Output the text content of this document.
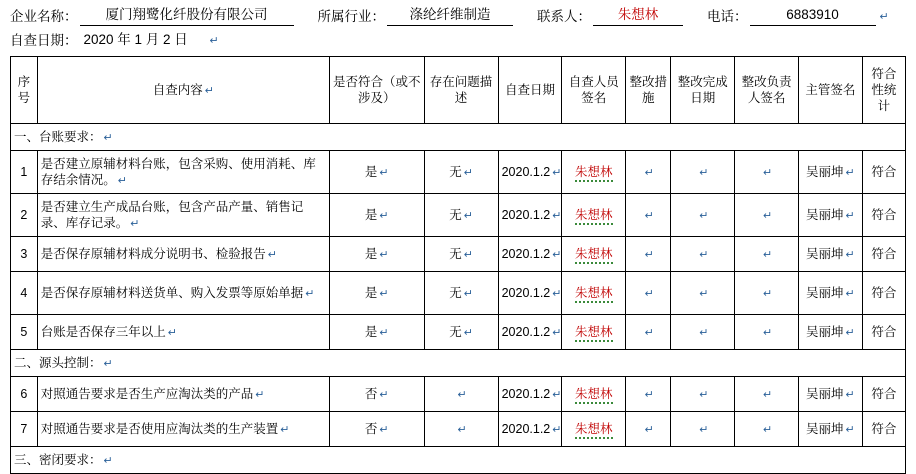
企业名称：	厦门翔鹭化纤股份有限公司	所属行业：	涤纶纤维制造	联系人：	朱想林	电话：	6883910	↵
自查日期： 2020 年 1 月 2 日	↵
序号	自查内容 ↵	是否符合（或不涉及）	存在问题描述	自查日期	自查人员签名	整改措施	整改完成日期	整改负责人签名	主管签名	符合性统计
一、台账要求： ↵										
1	是否建立原辅材料台账，包含采购、使用消耗、库存结余情况。 ↵	是 ↵	无 ↵	2020.1.2 ↵	朱想林	↵	↵	↵	吴丽坤 ↵	符合
2	是否建立生产成品台账，包含产品产量、销售记录、库存记录。 ↵	是 ↵	无 ↵	2020.1.2 ↵	朱想林	↵	↵	↵	吴丽坤 ↵	符合
3	是否保存原辅材料成分说明书、检验报告 ↵	是 ↵	无 ↵	2020.1.2 ↵	朱想林	↵	↵	↵	吴丽坤 ↵	符合
4	是否保存原辅材料送货单、购入发票等原始单据 ↵	是 ↵	无 ↵	2020.1.2 ↵	朱想林	↵	↵	↵	吴丽坤 ↵	符合
5	台账是否保存三年以上 ↵	是 ↵	无 ↵	2020.1.2 ↵	朱想林	↵	↵	↵	吴丽坤 ↵	符合
二、源头控制： ↵										
6	对照通告要求是否生产应淘汰类的产品 ↵	否 ↵	↵	2020.1.2 ↵	朱想林	↵	↵	↵	吴丽坤 ↵	符合
7	对照通告要求是否使用应淘汰类的生产装置 ↵	否 ↵	↵	2020.1.2 ↵	朱想林	↵	↵	↵	吴丽坤 ↵	符合
三、密闭要求： ↵										
